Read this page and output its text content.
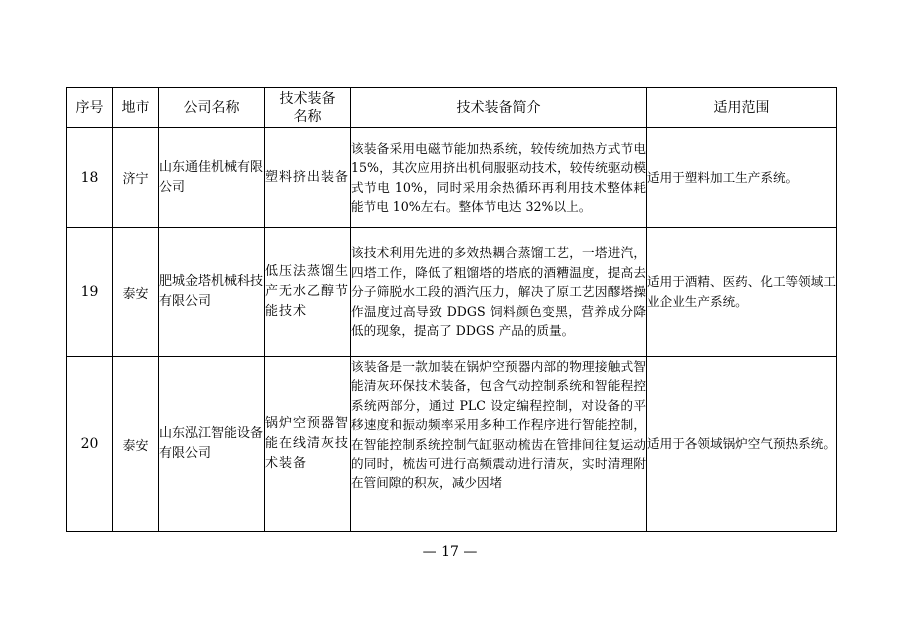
序号	地市	公司名称	技术装备名称	技术装备简介	适用范围
18	济宁	山东通佳机械有限公司	塑料挤出装备	该装备采用电磁节能加热系统，较传统加热方式节电 15%，其次应用挤出机伺服驱动技术，较传统驱动模式节电 10%，同时采用余热循环再利用技术整体耗能节电 10%左右。整体节电达 32%以上。	适用于塑料加工生产系统。

19	泰安	肥城金塔机械科技有限公司	低压法蒸馏生产无水乙醇节能技术	该技术利用先进的多效热耦合蒸馏工艺，一塔进汽，四塔工作，降低了粗馏塔的塔底的酒糟温度，提高去分子筛脱水工段的酒汽压力，解决了原工艺因醪塔操作温度过高导致 DDGS 饲料颜色变黑，营养成分降低的现象，提高了 DDGS 产品的质量。	适用于酒精、医药、化工等领域工业企业生产系统。

20	泰安	山东泓江智能设备有限公司	锅炉空预器智能在线清灰技术装备	该装备是一款加装在锅炉空预器内部的物理接触式智能清灰环保技术装备，包含气动控制系统和智能程控系统两部分，通过 PLC 设定编程控制，对设备的平移速度和振动频率采用多种工作程序进行智能控制，在智能控制系统控制气缸驱动梳齿在管排间往复运动的同时，梳齿可进行高频震动进行清灰，实时清理附在管间隙的积灰，减少因堵	适用于各领域锅炉空气预热系统。
— 17 —
